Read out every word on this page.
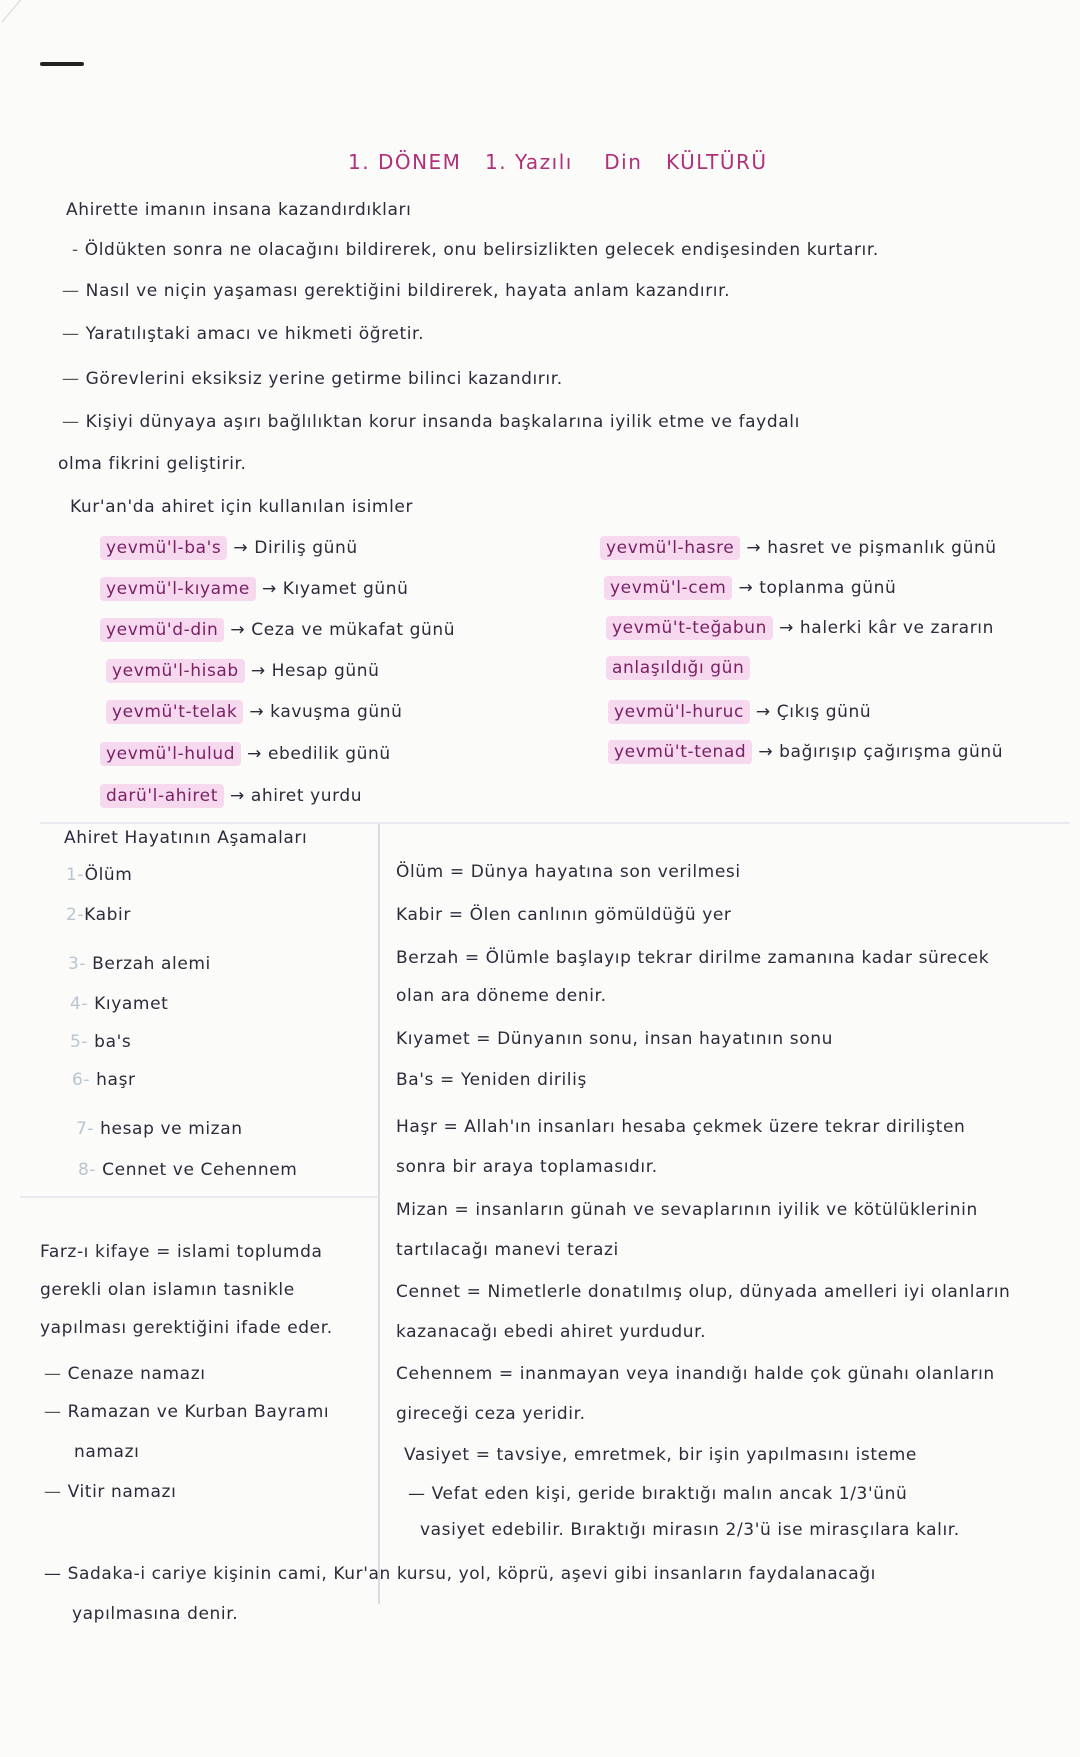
1. DÖNEM 1. Yazılı Din KÜLTÜRÜ
Ahirette imanın insana kazandırdıkları
- Öldükten sonra ne olacağını bildirerek, onu belirsizlikten gelecek endişesinden kurtarır.
— Nasıl ve niçin yaşaması gerektiğini bildirerek, hayata anlam kazandırır.
— Yaratılıştaki amacı ve hikmeti öğretir.
— Görevlerini eksiksiz yerine getirme bilinci kazandırır.
— Kişiyi dünyaya aşırı bağlılıktan korur insanda başkalarına iyilik etme ve faydalı
olma fikrini geliştirir.
Kur'an'da ahiret için kullanılan isimler
yevmü'l-ba's → Diriliş günü
yevmü'l-kıyame → Kıyamet günü
yevmü'd-din → Ceza ve mükafat günü
yevmü'l-hisab → Hesap günü
yevmü't-telak → kavuşma günü
yevmü'l-hulud → ebedilik günü
darü'l-ahiret → ahiret yurdu
yevmü'l-hasre → hasret ve pişmanlık günü
yevmü'l-cem → toplanma günü
yevmü't-teğabun → halerki kâr ve zararın
anlaşıldığı gün
yevmü'l-huruc → Çıkış günü
yevmü't-tenad → bağırışıp çağırışma günü
Ahiret Hayatının Aşamaları
1-Ölüm
2-Kabir
3- Berzah alemi
4- Kıyamet
5- ba's
6- haşr
7- hesap ve mizan
8- Cennet ve Cehennem
Ölüm = Dünya hayatına son verilmesi
Kabir = Ölen canlının gömüldüğü yer
Berzah = Ölümle başlayıp tekrar dirilme zamanına kadar sürecek
olan ara döneme denir.
Kıyamet = Dünyanın sonu, insan hayatının sonu
Ba's = Yeniden diriliş
Haşr = Allah'ın insanları hesaba çekmek üzere tekrar dirilişten
sonra bir araya toplamasıdır.
Mizan = insanların günah ve sevaplarının iyilik ve kötülüklerinin
tartılacağı manevi terazi
Cennet = Nimetlerle donatılmış olup, dünyada amelleri iyi olanların
kazanacağı ebedi ahiret yurdudur.
Cehennem = inanmayan veya inandığı halde çok günahı olanların
gireceği ceza yeridir.
Vasiyet = tavsiye, emretmek, bir işin yapılmasını isteme
— Vefat eden kişi, geride bıraktığı malın ancak 1/3'ünü
vasiyet edebilir. Bıraktığı mirasın 2/3'ü ise mirasçılara kalır.
Farz-ı kifaye = islami toplumda
gerekli olan islamın tasnikle
yapılması gerektiğini ifade eder.
— Cenaze namazı
— Ramazan ve Kurban Bayramı
namazı
— Vitir namazı
— Sadaka-i cariye kişinin cami, Kur'an kursu, yol, köprü, aşevi gibi insanların faydalanacağı
yapılmasına denir.
